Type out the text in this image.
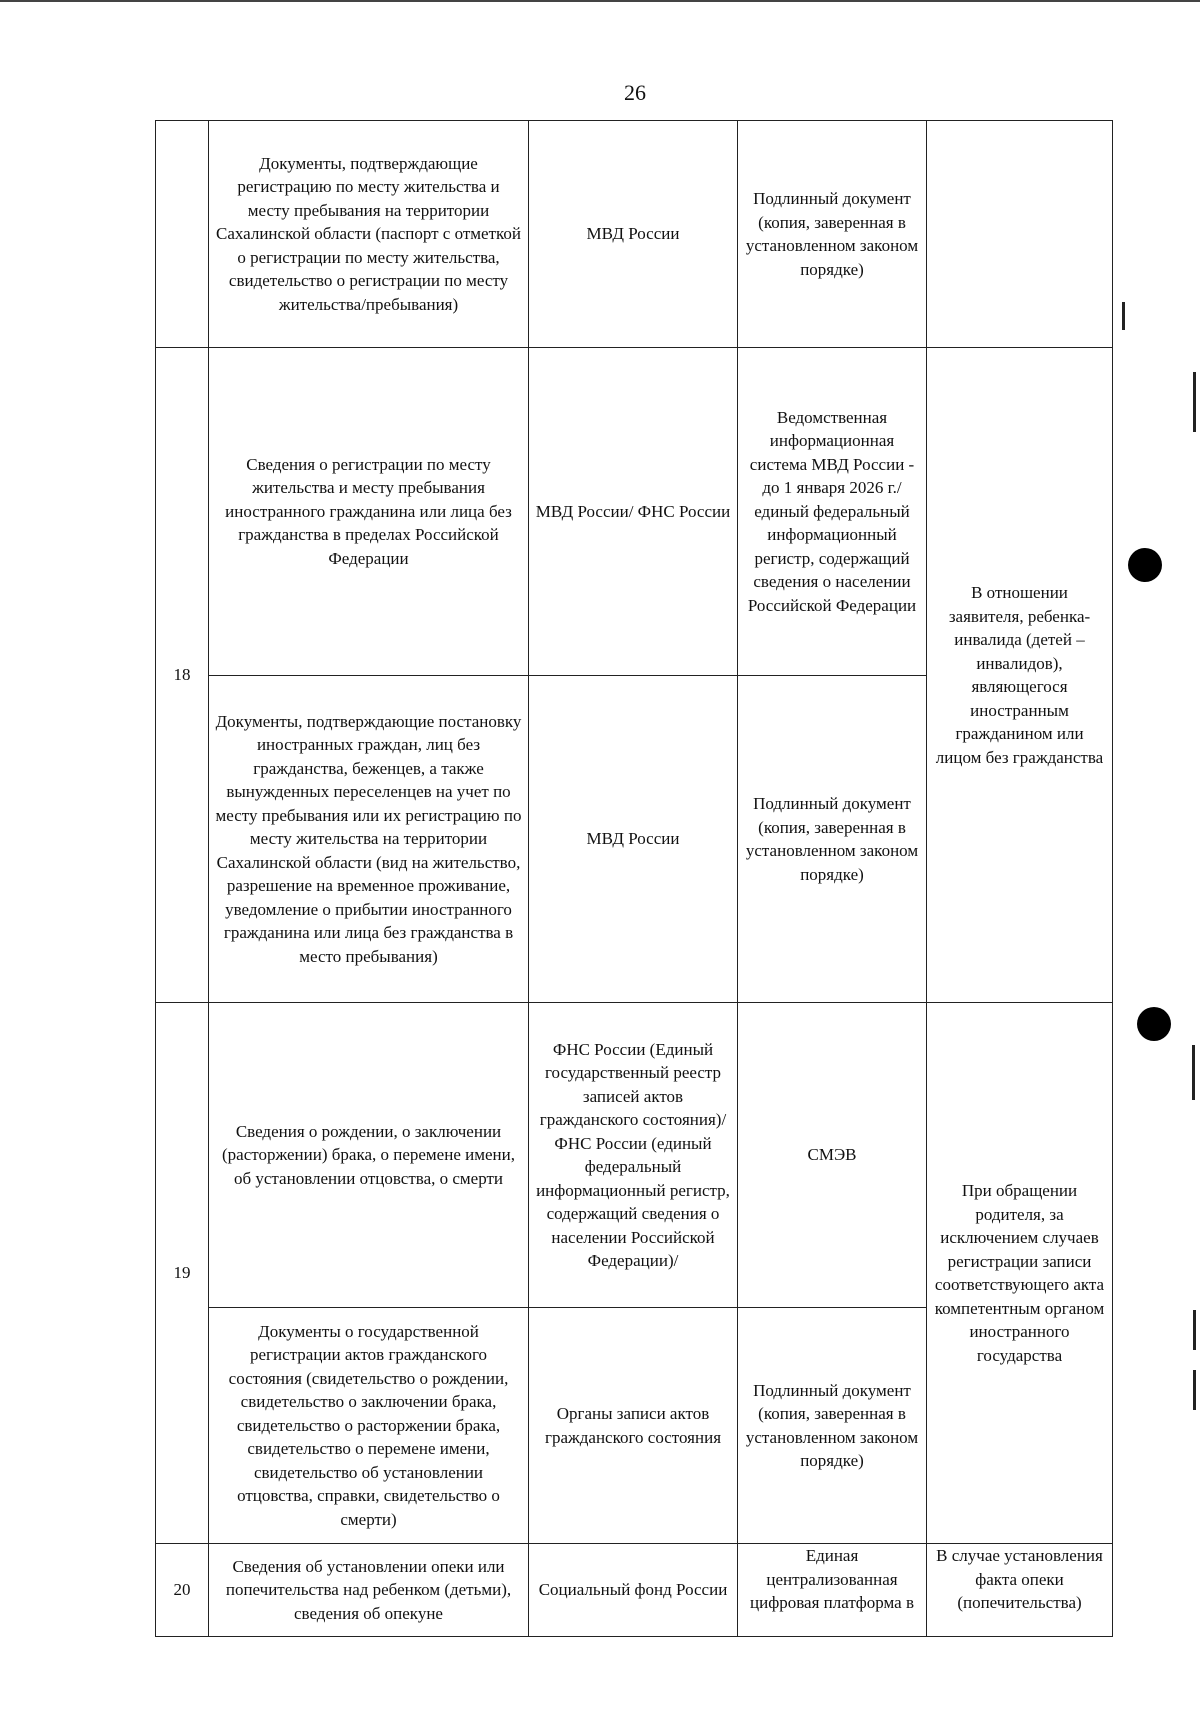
26
	Документы, подтверждающие регистрацию по месту жительства и месту пребывания на территории Сахалинской области (паспорт с отметкой о регистрации по месту жительства, свидетельство о регистрации по месту жительства/пребывания)	МВД России	Подлинный документ (копия, заверенная в установленном законом порядке)	
18	Сведения о регистрации по месту жительства и месту пребывания иностранного гражданина или лица без гражданства в пределах Российской Федерации	МВД России/ ФНС России	Ведомственная информационная система МВД России - до 1 января 2026 г./единый федеральный информационный регистр, содержащий сведения о населении Российской Федерации	В отношении заявителя, ребенка-инвалида (детей – инвалидов), являющегося иностранным гражданином или лицом без гражданства
	Документы, подтверждающие постановку иностранных граждан, лиц без гражданства, беженцев, а также вынужденных переселенцев на учет по месту пребывания или их регистрацию по месту жительства на территории Сахалинской области (вид на жительство, разрешение на временное проживание, уведомление о прибытии иностранного гражданина или лица без гражданства в место пребывания)	МВД России	Подлинный документ (копия, заверенная в установленном законом порядке)	
19	Сведения о рождении, о заключении (расторжении) брака, о перемене имени, об установлении отцовства, о смерти	ФНС России (Единый государственный реестр записей актов гражданского состояния)/ ФНС России (единый федеральный информационный регистр, содержащий сведения о населении Российской Федерации)/	СМЭВ	При обращении родителя, за исключением случаев регистрации записи соответствующего акта компетентным органом иностранного государства
	Документы о государственной регистрации актов гражданского состояния (свидетельство о рождении, свидетельство о заключении брака, свидетельство о расторжении брака, свидетельство о перемене имени, свидетельство об установлении отцовства, справки, свидетельство о смерти)	Органы записи актов гражданского состояния	Подлинный документ (копия, заверенная в установленном законом порядке)	
20	Сведения об установлении опеки или попечительства над ребенком (детьми), сведения об опекуне	Социальный фонд России	Единая централизованная цифровая платформа в	В случае установления факта опеки (попечительства)
